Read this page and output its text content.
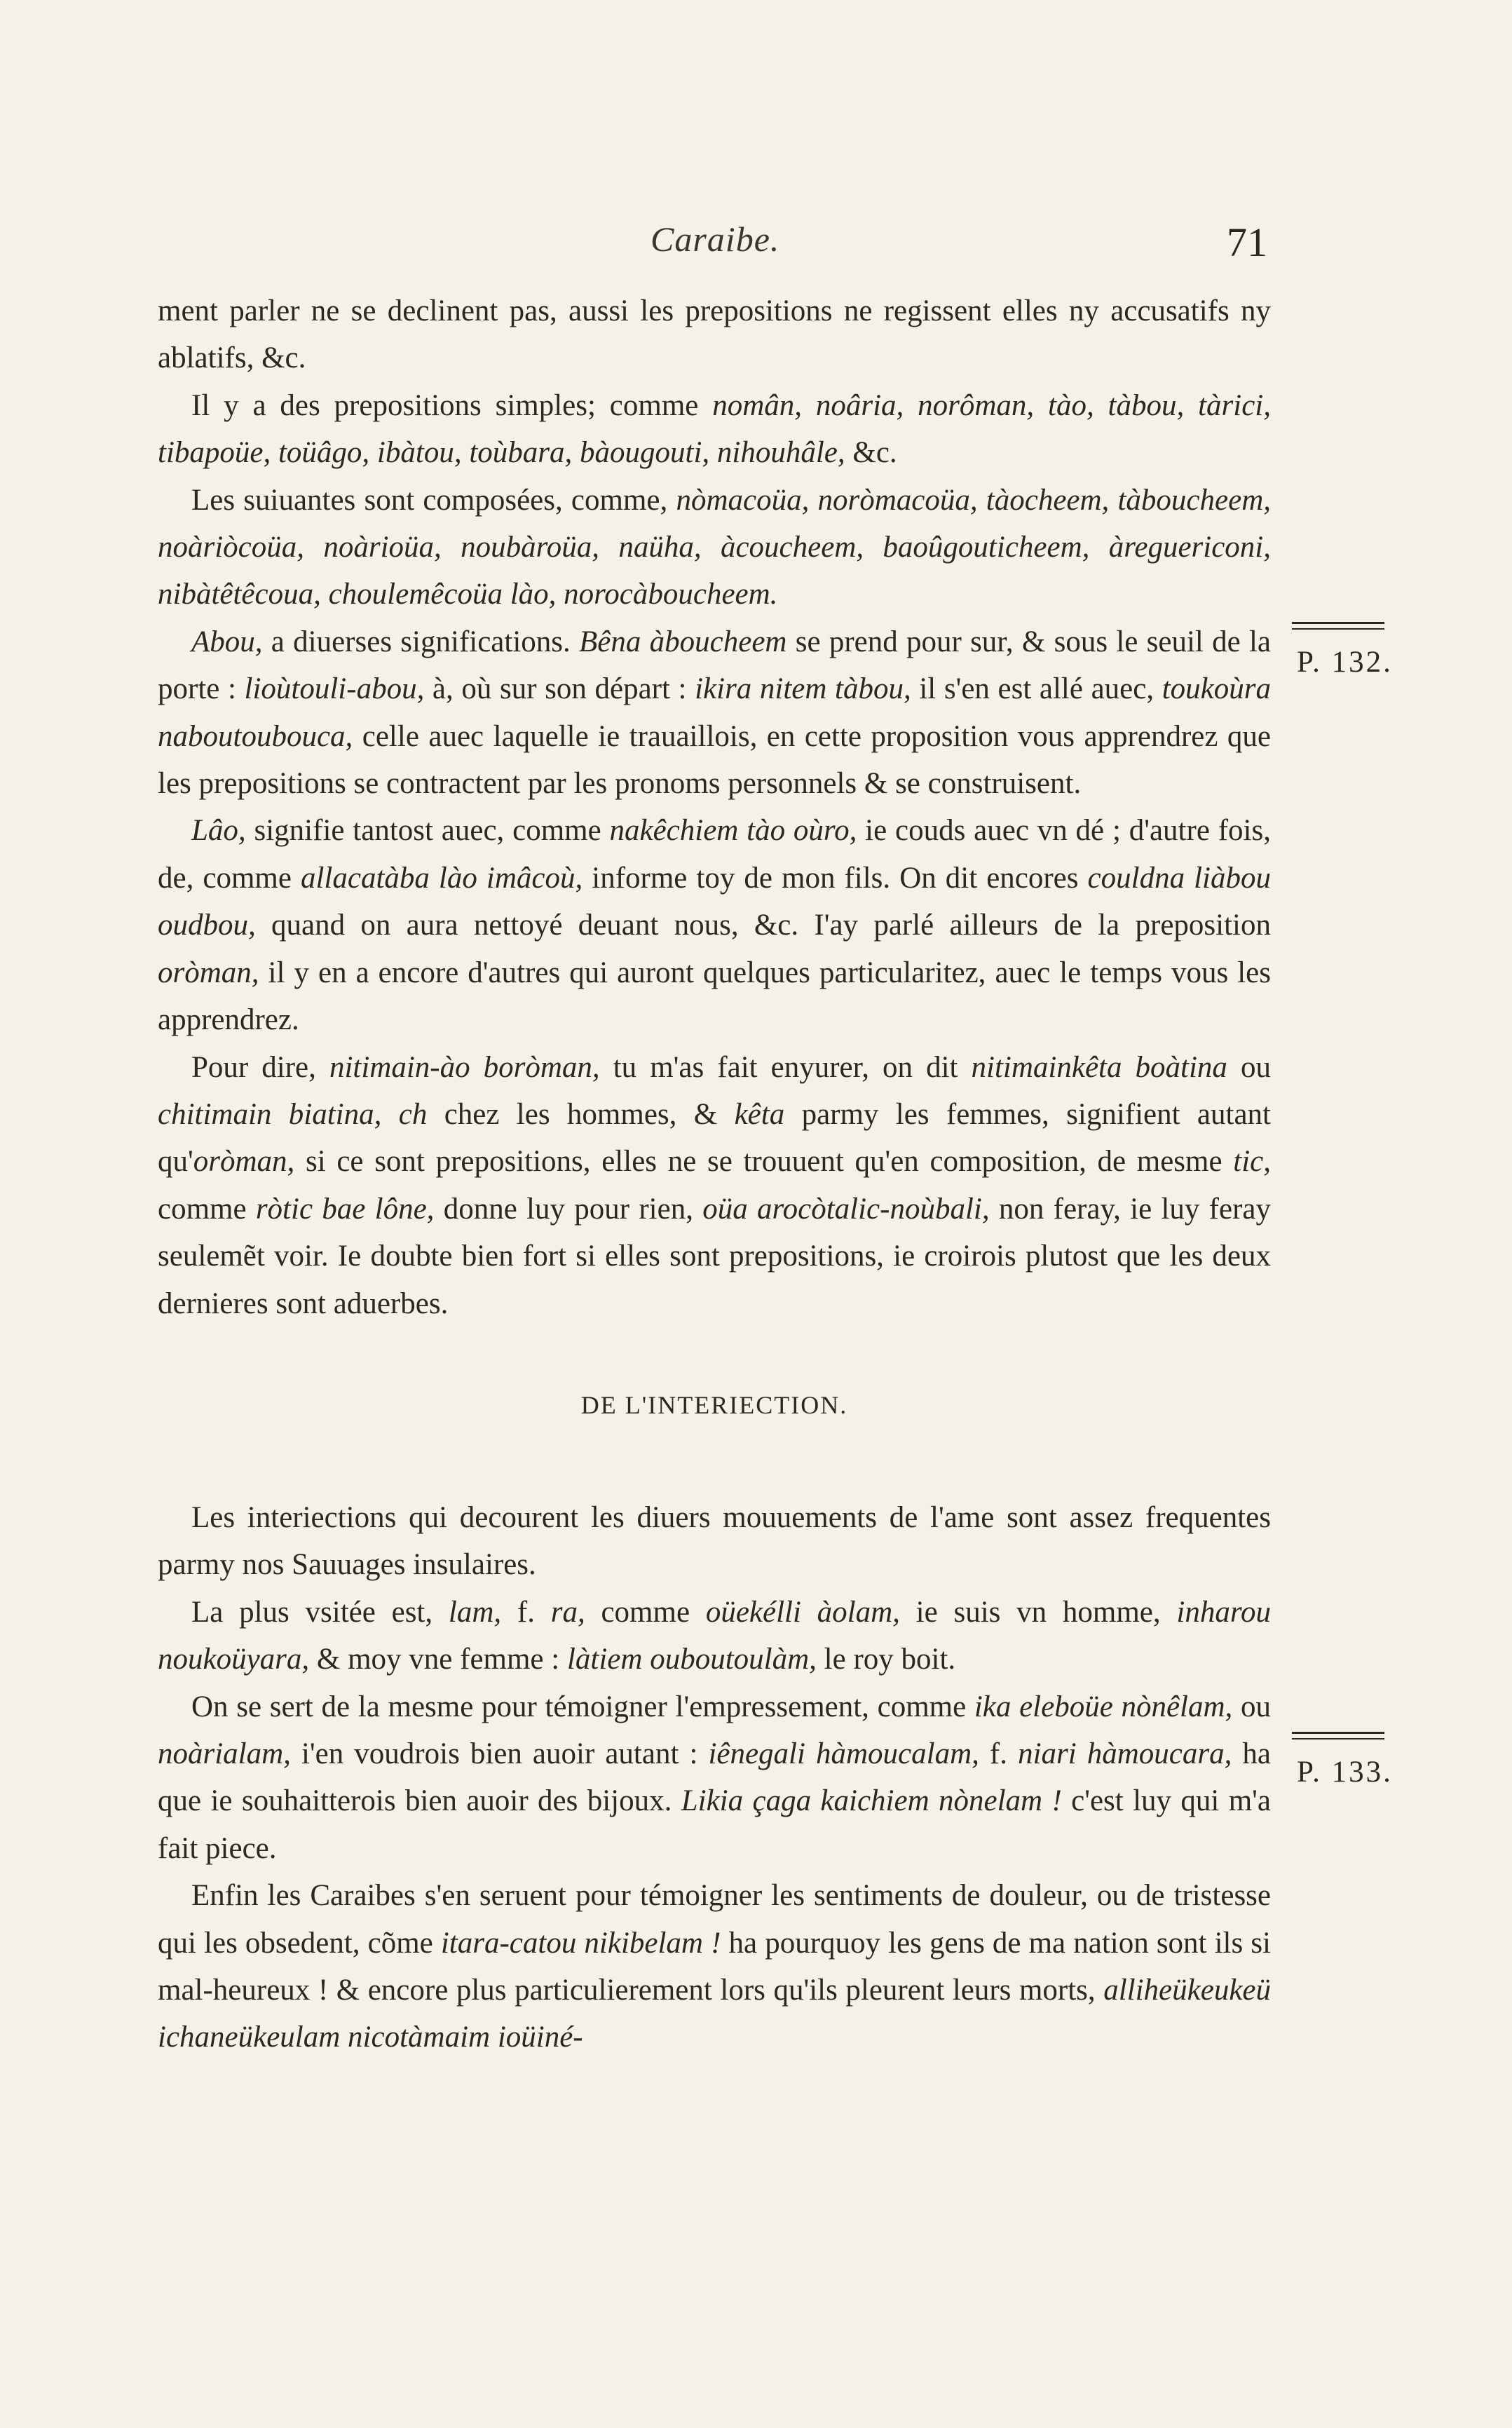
Caraibe.	71
P. 132.
P. 133.

ment parler ne se declinent pas, aussi les prepositions ne regissent elles ny accusatifs ny ablatifs, &c.

Il y a des prepositions simples; comme nomân, noâria, norôman, tào, tàbou, tàrici, tibapoüe, toüâgo, ibàtou, toùbara, bàougouti, nihouhâle, &c.

Les suiuantes sont composées, comme, nòmacoüa, noròmacoüa, tàocheem, tàboucheem, noàriòcoüa, noàrioüa, noubàroüa, naüha, àcoucheem, baoûgouticheem, àreguericoni, nibàtêtêcoua, choulemêcoüa lào, norocàboucheem.

Abou, a diuerses significations. Bêna àboucheem se prend pour sur, & sous le seuil de la porte : lioùtouli-abou, à, où sur son départ : ikira nitem tàbou, il s'en est allé auec, toukoùra naboutoubouca, celle auec laquelle ie trauaillois, en cette proposition vous apprendrez que les prepositions se contractent par les pronoms personnels & se construisent.

Lâo, signifie tantost auec, comme nakêchiem tào oùro, ie couds auec vn dé ; d'autre fois, de, comme allacatàba lào imâcoù, informe toy de mon fils. On dit encores couldna liàbou oudbou, quand on aura nettoyé deuant nous, &c. I'ay parlé ailleurs de la preposition oròman, il y en a encore d'autres qui auront quelques particularitez, auec le temps vous les apprendrez.

Pour dire, nitimain-ào boròman, tu m'as fait enyurer, on dit nitimainkêta boàtina ou chitimain biatina, ch chez les hommes, & kêta parmy les femmes, signifient autant qu'oròman, si ce sont prepositions, elles ne se trouuent qu'en composition, de mesme tic, comme ròtic bae lône, donne luy pour rien, oüa arocòtalic-noùbali, non feray, ie luy feray seulemẽt voir. Ie doubte bien fort si elles sont prepositions, ie croirois plutost que les deux dernieres sont aduerbes.

DE L'INTERIECTION.

Les interiections qui decourent les diuers mouuements de l'ame sont assez frequentes parmy nos Sauuages insulaires.

La plus vsitée est, lam, f. ra, comme oüekélli àolam, ie suis vn homme, inharou noukoüyara, & moy vne femme : làtiem ouboutoulàm, le roy boit.

On se sert de la mesme pour témoigner l'empressement, comme ika eleboüe nònêlam, ou noàrialam, i'en voudrois bien auoir autant : iênegali hàmoucalam, f. niari hàmoucara, ha que ie souhaitterois bien auoir des bijoux. Likia çaga kaichiem nònelam ! c'est luy qui m'a fait piece.

Enfin les Caraibes s'en seruent pour témoigner les sentiments de douleur, ou de tristesse qui les obsedent, cõme itara-catou nikibelam ! ha pourquoy les gens de ma nation sont ils si mal-heureux ! & encore plus particulierement lors qu'ils pleurent leurs morts, alliheükeukeü ichaneükeulam nicotàmaim ioüiné-
